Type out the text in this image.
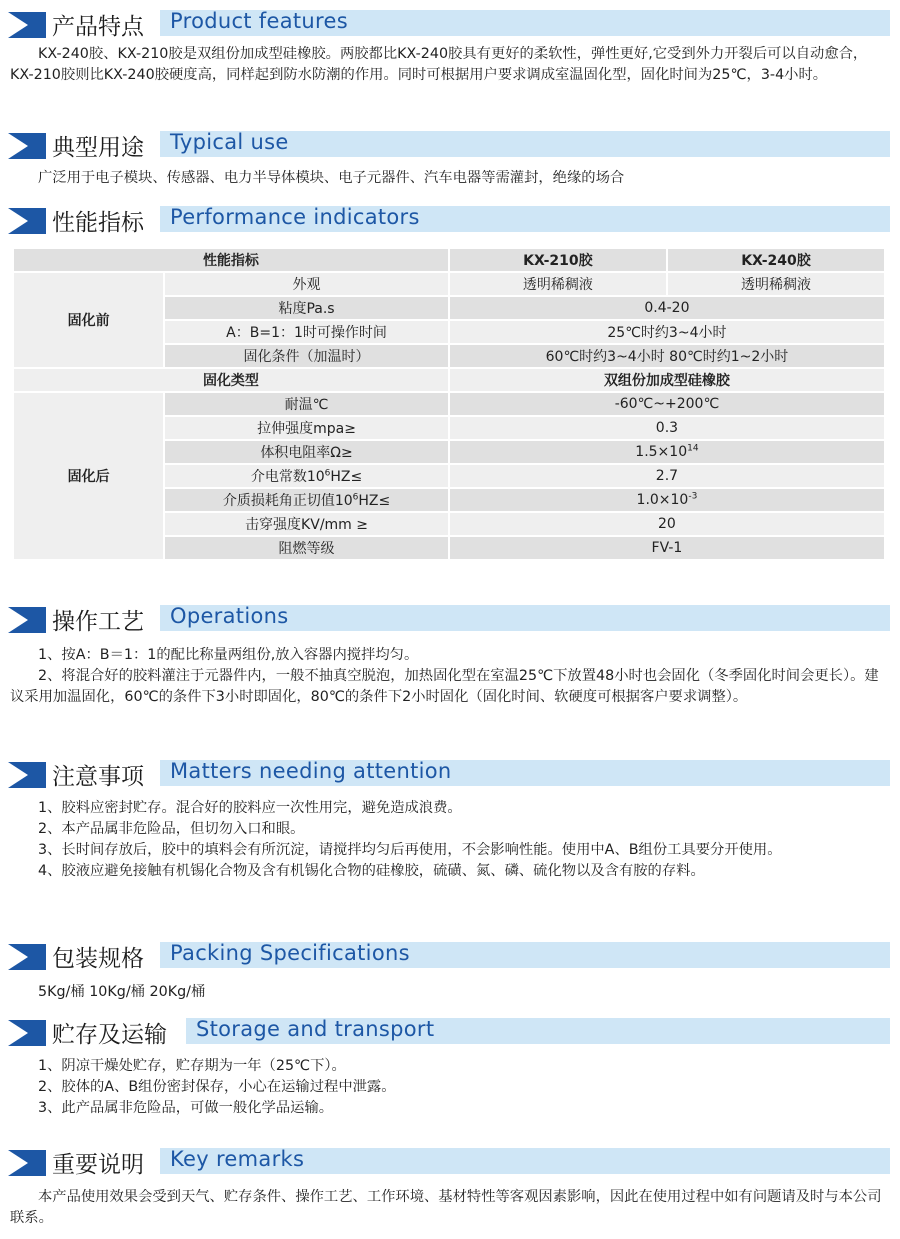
产品特点 Product features

KX-240胶、KX-210胶是双组份加成型硅橡胶。两胶都比KX-240胶具有更好的柔软性，弹性更好,它受到外力开裂后可以自动愈合，KX-210胶则比KX-240胶硬度高，同样起到防水防潮的作用。同时可根据用户要求调成室温固化型，固化时间为25℃，3-4小时。

典型用途 Typical use

广泛用于电子模块、传感器、电力半导体模块、电子元器件、汽车电器等需灌封，绝缘的场合

性能指标 Performance indicators
性能指标		KX-210胶	KX-240胶
固化前	外观	透明稀稠液	透明稀稠液
	粘度Pa.s	0.4-20	
	A：B=1：1时可操作时间	25℃时约3~4小时	
	固化条件（加温时）	60℃时约3~4小时 80℃时约1~2小时	
固化类型		双组份加成型硅橡胶	
固化后	耐温℃	-60℃~+200℃	
	拉伸强度mpa≥	0.3	
	体积电阻率Ω≥	$1.5\times 10^{14}$
	介电常数$10^6HZ\le$	2.7	
	介质损耗角正切值$10^6HZ\le$	$1.0\times 10^{-3}$
	击穿强度KV/mm ≥	20	
	阻燃等级	FV-1	
操作工艺 Operations

1、按A：B＝1：1的配比称量两组份,放入容器内搅拌均匀。

2、将混合好的胶料灌注于元器件内，一般不抽真空脱泡，加热固化型在室温25℃下放置48小时也会固化（冬季固化时间会更长）。建议采用加温固化，60℃的条件下3小时即固化，80℃的条件下2小时固化（固化时间、软硬度可根据客户要求调整）。

注意事项 Matters needing attention

1、胶料应密封贮存。混合好的胶料应一次性用完，避免造成浪费。

2、本产品属非危险品，但切勿入口和眼。

3、长时间存放后，胶中的填料会有所沉淀，请搅拌均匀后再使用，不会影响性能。使用中A、B组份工具要分开使用。

4、胶液应避免接触有机锡化合物及含有机锡化合物的硅橡胶，硫磺、氮、磷、硫化物以及含有胺的存料。

包装规格 Packing Specifications

5Kg/桶 10Kg/桶 20Kg/桶

贮存及运输 Storage and transport

1、阴凉干燥处贮存，贮存期为一年（25℃下）。

2、胶体的A、B组份密封保存，小心在运输过程中泄露。

3、此产品属非危险品，可做一般化学品运输。

重要说明 Key remarks

本产品使用效果会受到天气、贮存条件、操作工艺、工作环境、基材特性等客观因素影响，因此在使用过程中如有问题请及时与本公司联系。
